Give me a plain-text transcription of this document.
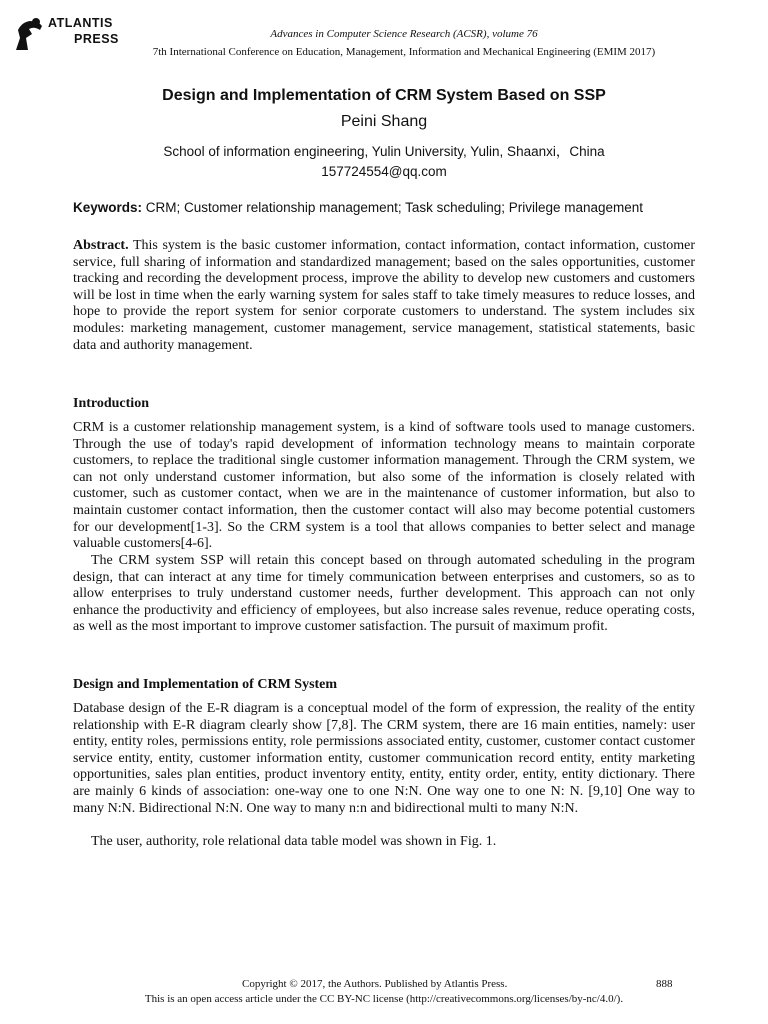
ATLANTIS
PRESS	Advances in Computer Science Research (ACSR), volume 76
7th International Conference on Education, Management, Information and Mechanical Engineering (EMIM 2017)
Design and Implementation of CRM System Based on SSP
Peini Shang
School of information engineering, Yulin University, Yulin, Shaanxi，China
157724554@qq.com
Keywords: CRM; Customer relationship management; Task scheduling; Privilege management
Abstract. This system is the basic customer information, contact information, contact information, customer service, full sharing of information and standardized management; based on the sales opportunities, customer tracking and recording the development process, improve the ability to develop new customers and customers will be lost in time when the early warning system for sales staff to take timely measures to reduce losses, and hope to provide the report system for senior corporate customers to understand. The system includes six modules: marketing management, customer management, service management, statistical statements, basic data and authority management.
Introduction
CRM is a customer relationship management system, is a kind of software tools used to manage customers. Through the use of today's rapid development of information technology means to maintain corporate customers, to replace the traditional single customer information management. Through the CRM system, we can not only understand customer information, but also some of the information is closely related with customer, such as customer contact, when we are in the maintenance of customer information, but also to maintain customer contact information, then the customer contact will also may become potential customers for our development[1-3]. So the CRM system is a tool that allows companies to better select and manage valuable customers[4-6].
The CRM system SSP will retain this concept based on through automated scheduling in the program design, that can interact at any time for timely communication between enterprises and customers, so as to allow enterprises to truly understand customer needs, further development. This approach can not only enhance the productivity and efficiency of employees, but also increase sales revenue, reduce operating costs, as well as the most important to improve customer satisfaction. The pursuit of maximum profit.
Design and Implementation of CRM System
Database design of the E-R diagram is a conceptual model of the form of expression, the reality of the entity relationship with E-R diagram clearly show [7,8]. The CRM system, there are 16 main entities, namely: user entity, entity roles, permissions entity, role permissions associated entity, customer, customer contact customer service entity, entity, customer information entity, customer communication record entity, entity marketing opportunities, sales plan entities, product inventory entity, entity, entity order, entity, entity dictionary. There are mainly 6 kinds of association: one-way one to one N:N. One way one to one N: N. [9,10] One way to many N:N. Bidirectional N:N. One way to many n:n and bidirectional multi to many N:N.
The user, authority, role relational data table model was shown in Fig. 1.
Copyright © 2017, the Authors. Published by Atlantis Press.	888
This is an open access article under the CC BY-NC license (http://creativecommons.org/licenses/by-nc/4.0/).
